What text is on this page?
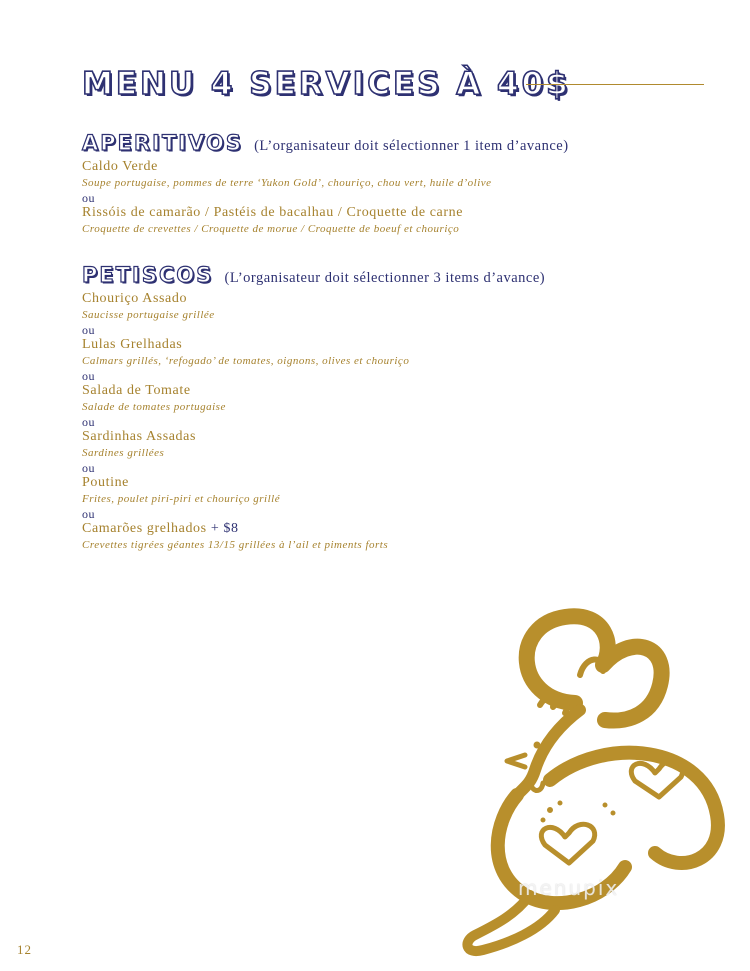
MENU 4 SERVICES À 40$
APERITIVOS (L’organisateur doit sélectionner 1 item d’avance)
Caldo Verde
Soupe portugaise, pommes de terre ‘Yukon Gold’, chouriço, chou vert, huile d’olive
ou
Rissóis de camarão / Pastéis de bacalhau / Croquette de carne
Croquette de crevettes / Croquette de morue / Croquette de boeuf et chouriço
PETISCOS (L’organisateur doit sélectionner 3 items d’avance)
Chouriço Assado
Saucisse portugaise grillée
ou
Lulas Grelhadas
Calmars grillés, ‘refogado’ de tomates, oignons, olives et chouriço
ou
Salada de Tomate
Salade de tomates portugaise
ou
Sardinhas Assadas
Sardines grillées
ou
Poutine
Frites, poulet piri-piri et chouriço grillé
ou
Camarões grelhados + $8
Crevettes tigrées géantes 13/15 grillées à l’ail et piments forts
menupix
12
